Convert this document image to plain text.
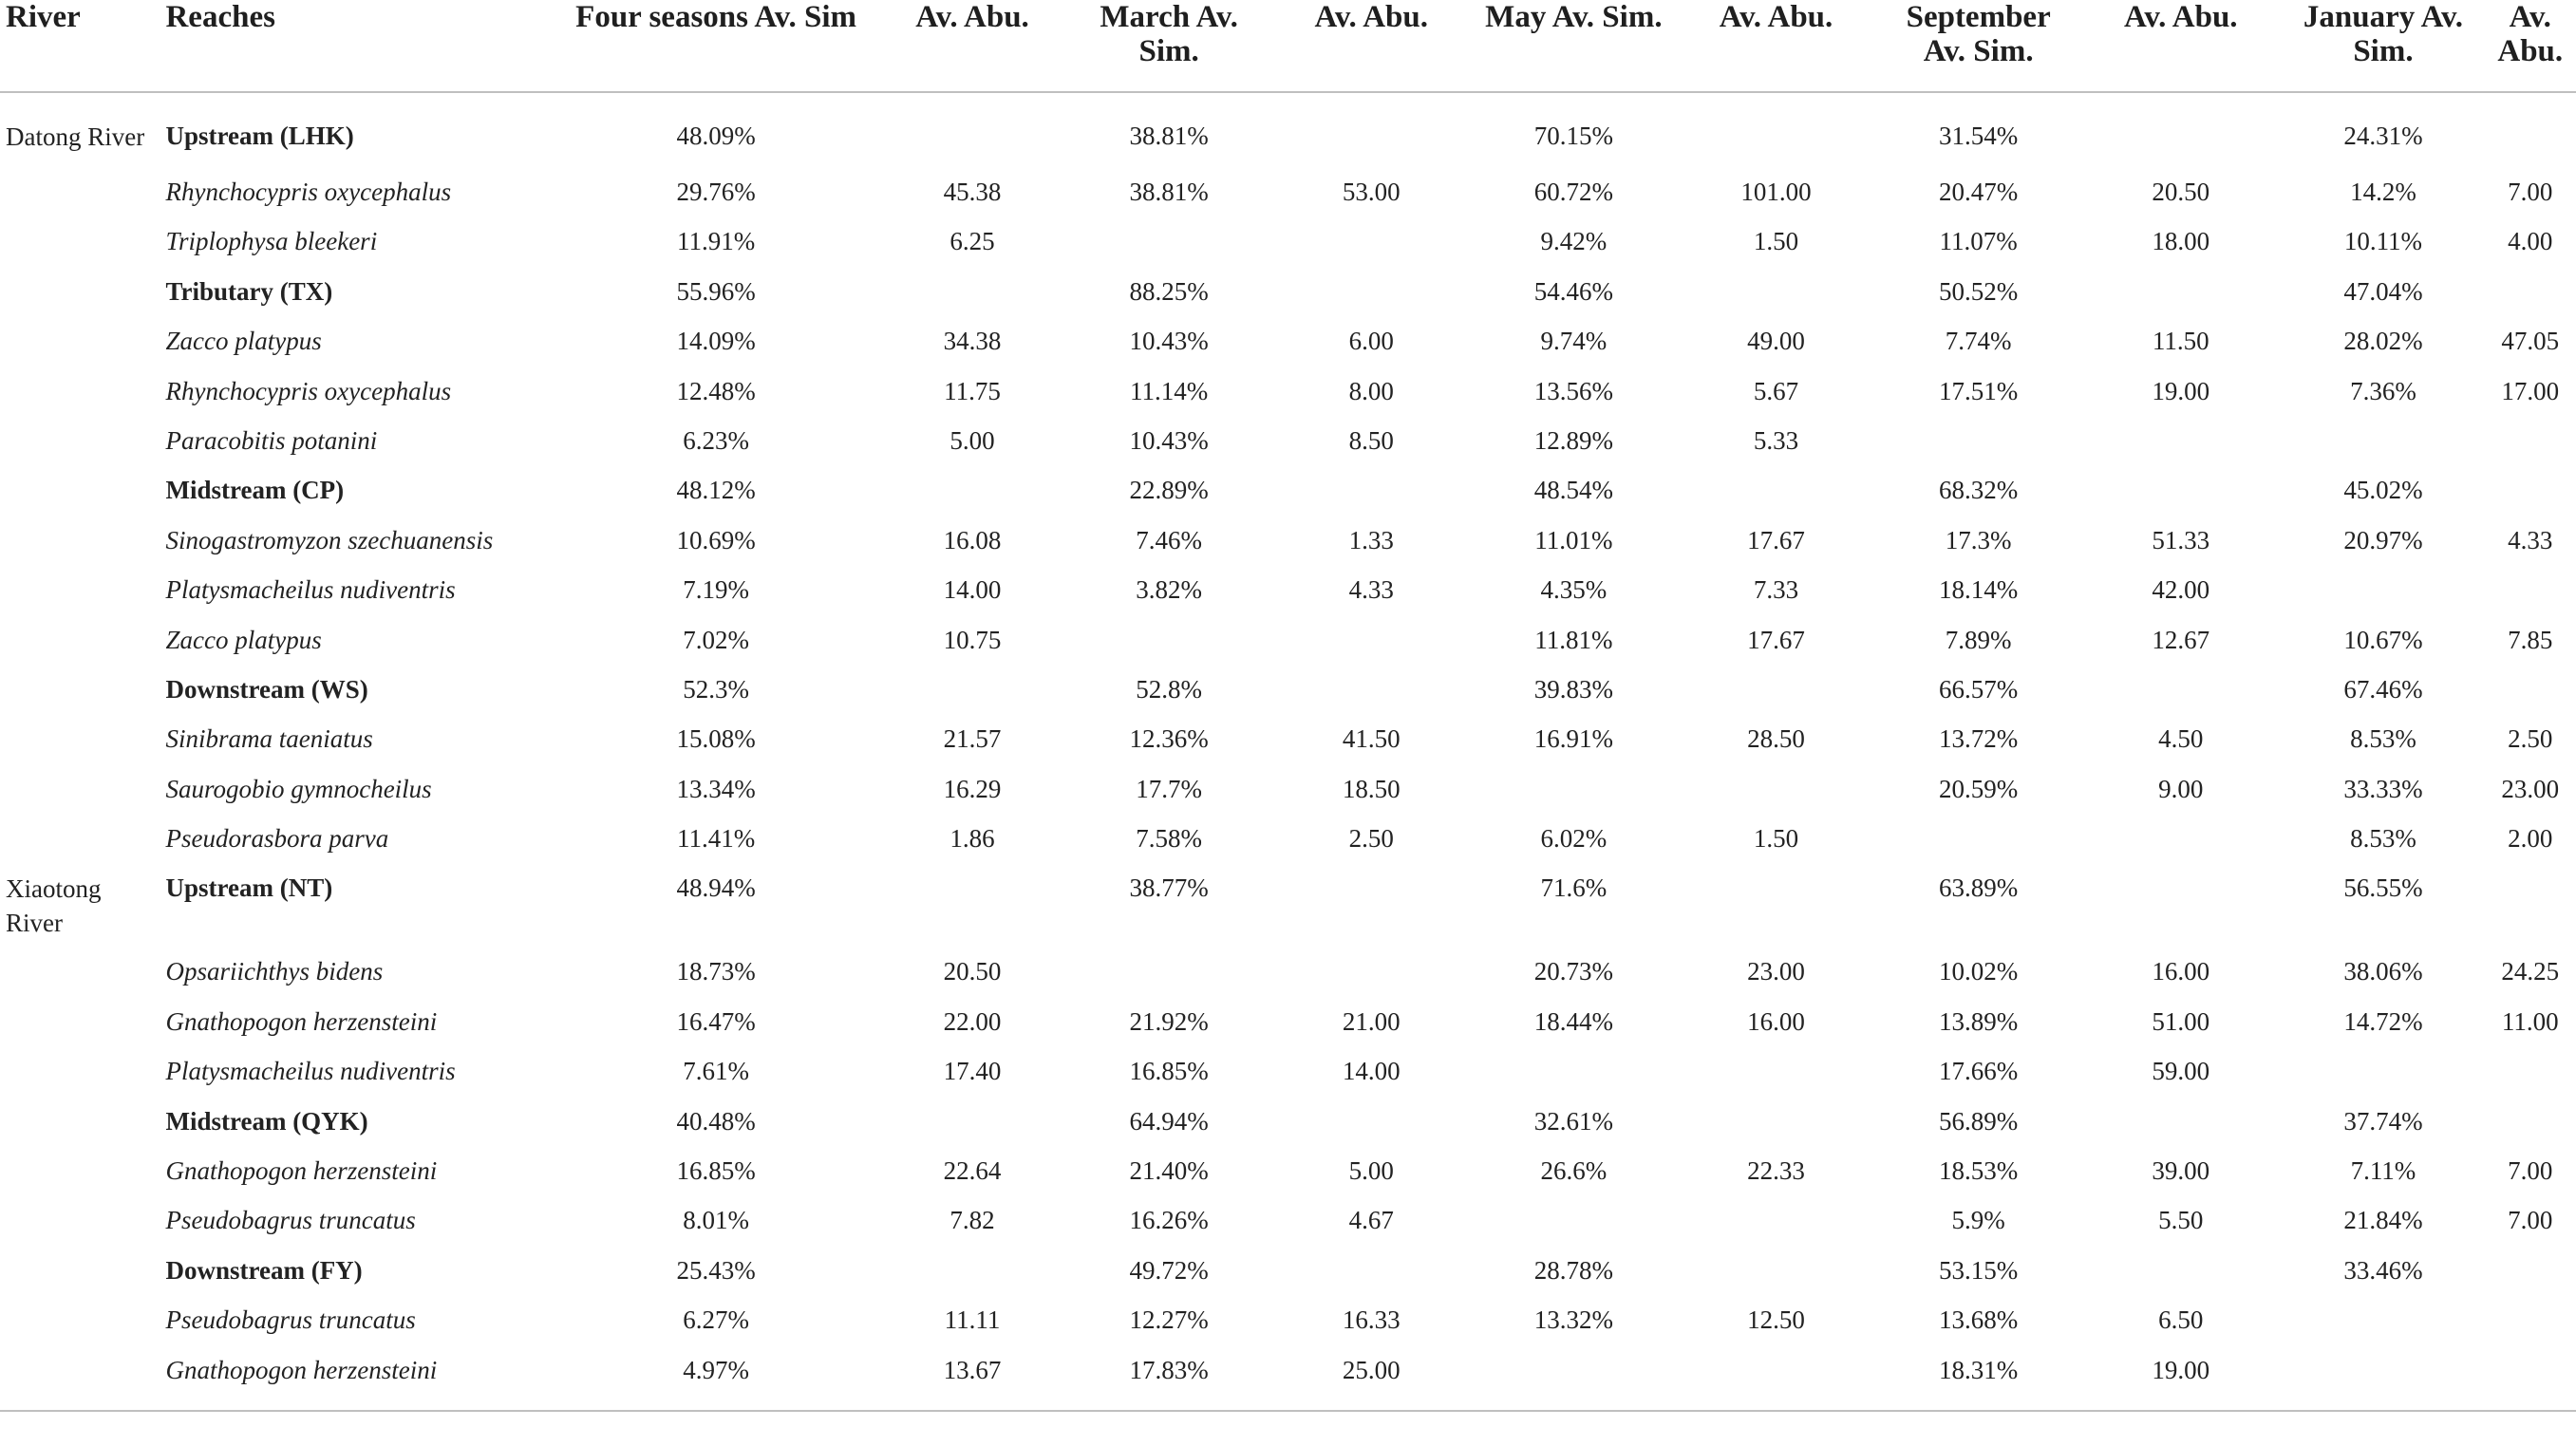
River	Reaches	Four seasons Av. Sim	Av. Abu.	March Av. Sim.	Av. Abu.	May Av. Sim.	Av. Abu.	September Av. Sim.	Av. Abu.	January Av. Sim.	Av. Abu.
Datong River	Upstream (LHK)	48.09%		38.81%		70.15%		31.54%		24.31%	
	Rhynchocypris oxycephalus	29.76%	45.38	38.81%	53.00	60.72%	101.00	20.47%	20.50	14.2%	7.00
	Triplophysa bleekeri	11.91%	6.25			9.42%	1.50	11.07%	18.00	10.11%	4.00
	Tributary (TX)	55.96%		88.25%		54.46%		50.52%		47.04%	
	Zacco platypus	14.09%	34.38	10.43%	6.00	9.74%	49.00	7.74%	11.50	28.02%	47.05
	Rhynchocypris oxycephalus	12.48%	11.75	11.14%	8.00	13.56%	5.67	17.51%	19.00	7.36%	17.00
	Paracobitis potanini	6.23%	5.00	10.43%	8.50	12.89%	5.33				
	Midstream (CP)	48.12%		22.89%		48.54%		68.32%		45.02%	
	Sinogastromyzon szechuanensis	10.69%	16.08	7.46%	1.33	11.01%	17.67	17.3%	51.33	20.97%	4.33
	Platysmacheilus nudiventris	7.19%	14.00	3.82%	4.33	4.35%	7.33	18.14%	42.00		
	Zacco platypus	7.02%	10.75			11.81%	17.67	7.89%	12.67	10.67%	7.85
	Downstream (WS)	52.3%		52.8%		39.83%		66.57%		67.46%	
	Sinibrama taeniatus	15.08%	21.57	12.36%	41.50	16.91%	28.50	13.72%	4.50	8.53%	2.50
	Saurogobio gymnocheilus	13.34%	16.29	17.7%	18.50			20.59%	9.00	33.33%	23.00
	Pseudorasbora parva	11.41%	1.86	7.58%	2.50	6.02%	1.50			8.53%	2.00
Xiaotong River	Upstream (NT)	48.94%		38.77%		71.6%		63.89%		56.55%	
	Opsariichthys bidens	18.73%	20.50			20.73%	23.00	10.02%	16.00	38.06%	24.25
	Gnathopogon herzensteini	16.47%	22.00	21.92%	21.00	18.44%	16.00	13.89%	51.00	14.72%	11.00
	Platysmacheilus nudiventris	7.61%	17.40	16.85%	14.00			17.66%	59.00		
	Midstream (QYK)	40.48%		64.94%		32.61%		56.89%		37.74%	
	Gnathopogon herzensteini	16.85%	22.64	21.40%	5.00	26.6%	22.33	18.53%	39.00	7.11%	7.00
	Pseudobagrus truncatus	8.01%	7.82	16.26%	4.67			5.9%	5.50	21.84%	7.00
	Downstream (FY)	25.43%		49.72%		28.78%		53.15%		33.46%	
	Pseudobagrus truncatus	6.27%	11.11	12.27%	16.33	13.32%	12.50	13.68%	6.50		
	Gnathopogon herzensteini	4.97%	13.67	17.83%	25.00			18.31%	19.00		
